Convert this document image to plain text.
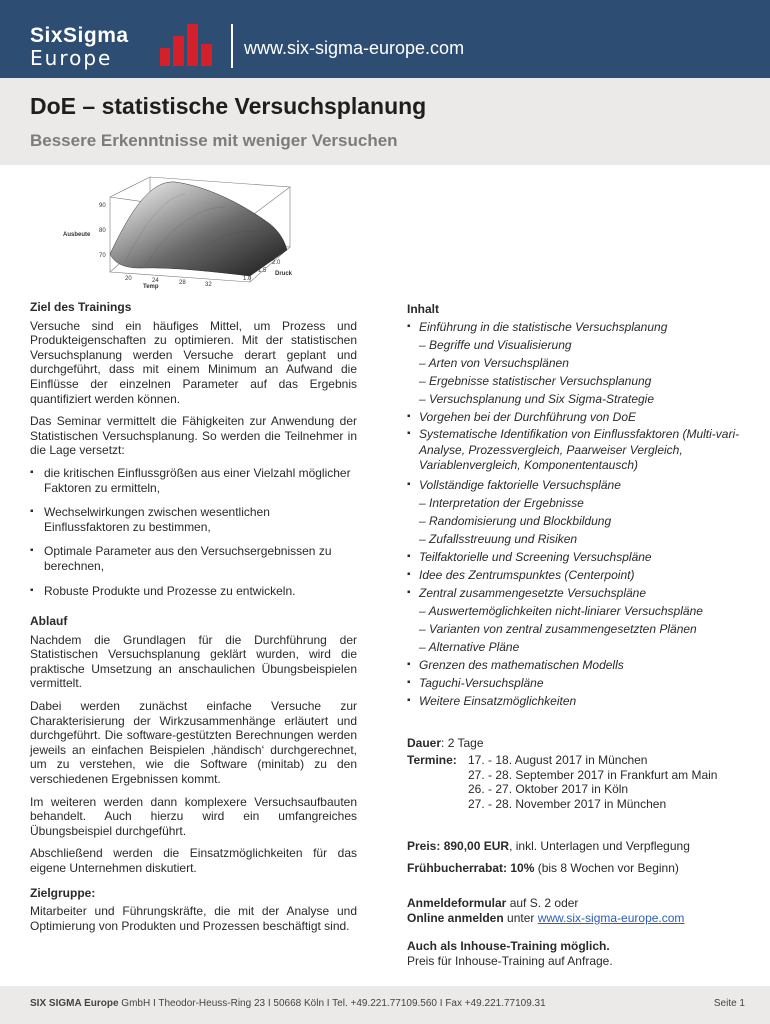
SixSigma
Europe	www.six-sigma-europe.com
DoE – statistische Versuchsplanung
Bessere Erkenntnisse mit weniger Versuchen
Ausbeute
90
80
70
20	24	28	32
Temp
1.0
1.5
2.0
Druck
Ziel des Trainings

Versuche sind ein häufiges Mittel, um Prozess und Produkteigenschaften zu optimieren. Mit der statistischen Versuchsplanung werden Versuche derart geplant und durchgeführt, dass mit einem Minimum an Aufwand die Einflüsse der einzelnen Parameter auf das Ergebnis quantifiziert werden können.

Das Seminar vermittelt die Fähigkeiten zur Anwendung der Statistischen Versuchsplanung. So werden die Teilnehmer in die Lage versetzt:

▪ die kritischen Einflussgrößen aus einer Vielzahl möglicher Faktoren zu ermitteln,
▪ Wechselwirkungen zwischen wesentlichen Einflussfaktoren zu bestimmen,
▪ Optimale Parameter aus den Versuchsergebnissen zu berechnen,
▪ Robuste Produkte und Prozesse zu entwickeln.
Ablauf

Nachdem die Grundlagen für die Durchführung der Statistischen Versuchsplanung geklärt wurden, wird die praktische Umsetzung an anschaulichen Übungsbeispielen vermittelt.

Dabei werden zunächst einfache Versuche zur Charakterisierung der Wirkzusammenhänge erläutert und durchgeführt. Die software-gestützten Berechnungen werden jeweils an einfachen Beispielen ‚händisch‘ durchgerechnet, um zu verstehen, wie die Software (minitab) zu den verschiedenen Ergebnissen kommt.

Im weiteren werden dann komplexere Versuchsaufbauten behandelt. Auch hierzu wird ein umfangreiches Übungsbeispiel durchgeführt.

Abschließend werden die Einsatzmöglichkeiten für das eigene Unternehmen diskutiert.

Zielgruppe:

Mitarbeiter und Führungskräfte, die mit der Analyse und Optimierung von Produkten und Prozessen beschäftigt sind.

Inhalt
▪ Einführung in die statistische Versuchsplanung
– Begriffe und Visualisierung
– Arten von Versuchsplänen
– Ergebnisse statistischer Versuchsplanung
– Versuchsplanung und Six Sigma-Strategie
▪ Vorgehen bei der Durchführung von DoE
▪ Systematische Identifikation von Einflussfaktoren (Multi-vari-Analyse, Prozessvergleich, Paarweiser Vergleich, Variablenvergleich, Komponententausch)
▪ Vollständige faktorielle Versuchspläne
– Interpretation der Ergebnisse
– Randomisierung und Blockbildung
– Zufallsstreuung und Risiken
▪ Teilfaktorielle und Screening Versuchspläne
▪ Idee des Zentrumspunktes (Centerpoint)
▪ Zentral zusammengesetzte Versuchspläne
– Auswertemöglichkeiten nicht-liniarer Versuchspläne
– Varianten von zentral zusammengesetzten Plänen
– Alternative Pläne
▪ Grenzen des mathematischen Modells
▪ Taguchi-Versuchspläne
▪ Weitere Einsatzmöglichkeiten
Dauer: 2 Tage
Termine: 17. - 18. August 2017 in München
27. - 28. September 2017 in Frankfurt am Main
26. - 27. Oktober 2017 in Köln
27. - 28. November 2017 in München
Preis: 890,00 EUR, inkl. Unterlagen und Verpflegung
Frühbucherrabat: 10% (bis 8 Wochen vor Beginn)
Anmeldeformular auf S. 2 oder
Online anmelden unter www.six-sigma-europe.com
Auch als Inhouse-Training möglich.
Preis für Inhouse-Training auf Anfrage.
SIX SIGMA Europe GmbH I Theodor-Heuss-Ring 23 I 50668 Köln I Tel. +49.221.77109.560 I Fax +49.221.77109.31	Seite 1
